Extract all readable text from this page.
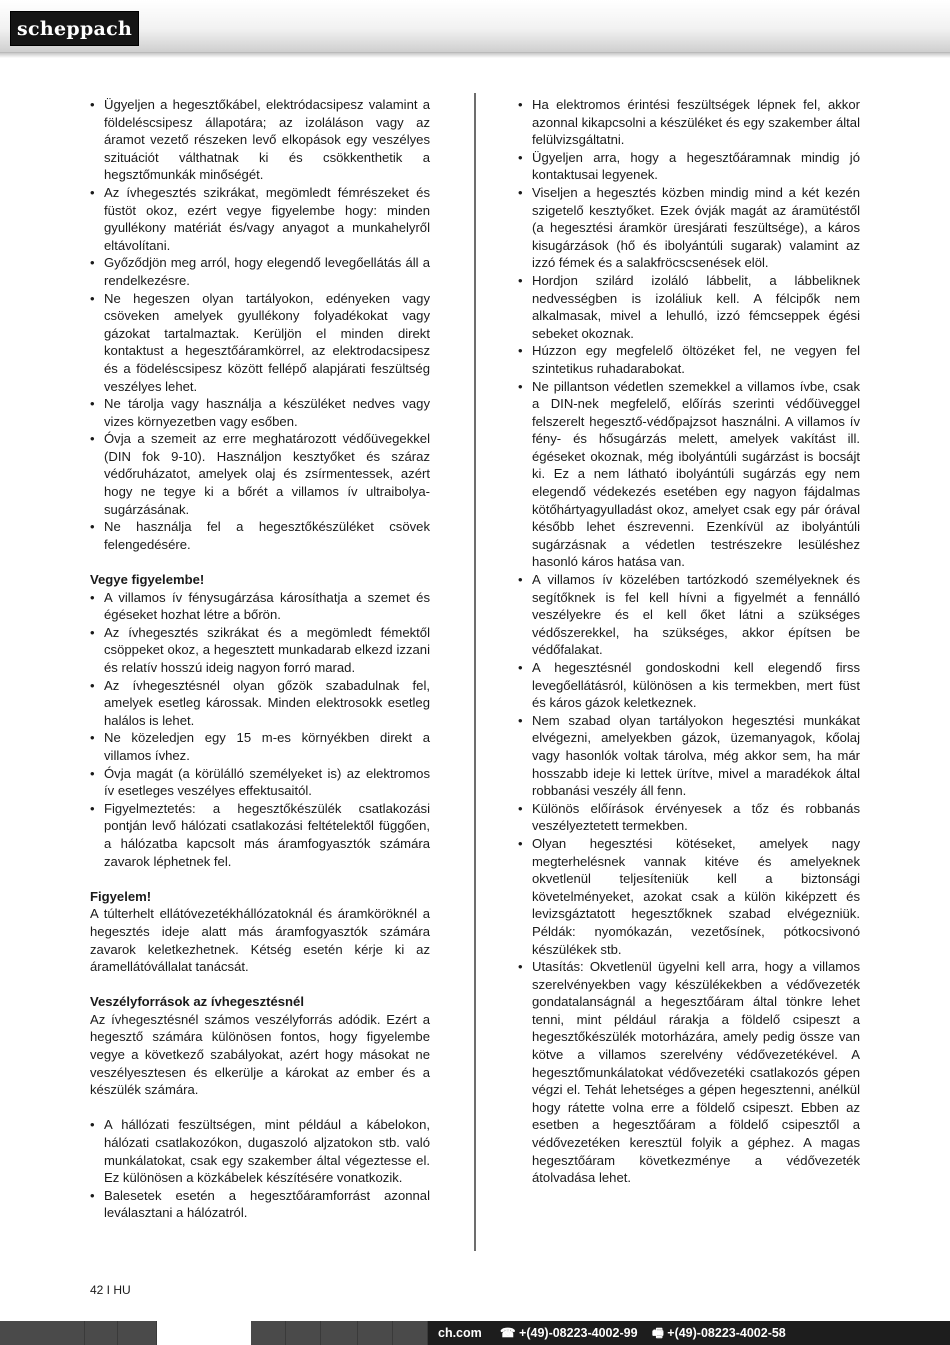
scheppach
• Ügyeljen a hegesztőkábel, elektródacsipesz valamint a földeléscsipesz állapotára; az izoláláson vagy az áramot vezető részeken levő elkopások egy veszélyes szituációt válthatnak ki és csökkenthetik a hegsztőmunkák minőségét.
• Az ívhegesztés szikrákat, megömledt fémrészeket és füstöt okoz, ezért vegye figyelembe hogy: minden gyullékony matériát és/vagy anyagot a munkahelyről eltávolítani.
• Győződjön meg arról, hogy elegendő levegőellátás áll a rendelkezésre.
• Ne hegeszen olyan tartályokon, edényeken vagy csöveken amelyek gyullékony folyadékokat vagy gázokat tartalmaztak. Kerüljön el minden direkt kontaktust a hegesztőáramkörrel, az elektrodacsipesz és a födeléscsipesz között fellépő alapjárati feszültség veszélyes lehet.
• Ne tárolja vagy használja a készüléket nedves vagy vizes környezetben vagy esőben.
• Óvja a szemeit az erre meghatározott védőüvegekkel (DIN fok 9-10). Használjon kesztyőket és száraz védőruházatot, amelyek olaj és zsírmentessek, azért hogy ne tegye ki a bőrét a villamos ív ultraibolya-sugárzásának.
• Ne használja fel a hegesztőkészüléket csövek felengedésére.

Vegye figyelembe!

• A villamos ív fénysugárzása károsíthatja a szemet és égéseket hozhat létre a bőrön.
• Az ívhegesztés szikrákat és a megömledt fémektől csöppeket okoz, a hegesztett munkadarab elkezd izzani és relatív hosszú ideig nagyon forró marad.
• Az ívhegesztésnél olyan gőzök szabadulnak fel, amelyek esetleg károssak. Minden elektrosokk esetleg halálos is lehet.
• Ne közeledjen egy 15 m-es környékben direkt a villamos ívhez.
• Óvja magát (a körülálló személyeket is) az elektromos ív esetleges veszélyes effektusaitól.
• Figyelmeztetés: a hegesztőkészülék csatlakozási pontján levő hálózati csatlakozási feltételektől függően, a hálózatba kapcsolt más áramfogyasztók számára zavarok léphetnek fel.

Figyelem!

A túlterhelt ellátóvezetékhállózatoknál és áramköröknél a hegesztés ideje alatt más áramfogyasztók számára zavarok keletkezhetnek. Kétség esetén kérje ki az áramellátóvállalat tanácsát.

Veszélyforrások az ívhegesztésnél

Az ívhegesztésnél számos veszélyforrás adódik. Ezért a hegesztő számára különösen fontos, hogy figyelembe vegye a következő szabályokat, azért hogy másokat ne veszélyesztesen és elkerülje a károkat az ember és a készülék számára.

• A hállózati feszültségen, mint például a kábelokon, hálózati csatlakozókon, dugaszoló aljzatokon stb. való munkálatokat, csak egy szakember által végeztesse el. Ez különösen a közkábelek készítésére vonatkozik.
• Balesetek esetén a hegesztőáramforrást azonnal leválasztani a hálózatról.
• Ha elektromos érintési feszültségek lépnek fel, akkor azonnal kikapcsolni a készüléket és egy szakember által felülvizsgáltatni.
• Ügyeljen arra, hogy a hegesztőáramnak mindig jó kontaktusai legyenek.
• Viseljen a hegesztés közben mindig mind a két kezén szigetelő kesztyőket. Ezek óvják magát az áramütéstől (a hegesztési áramkör üresjárati feszültsége), a káros kisugárzások (hő és ibolyántúli sugarak) valamint az izzó fémek és a salakfröcscsenések elöl.
• Hordjon szilárd izoláló lábbelit, a lábbeliknek nedvességben is izoláliuk kell. A félcipők nem alkalmasak, mivel a lehulló, izzó fémcseppek égési sebeket okoznak.
• Húzzon egy megfelelő öltözéket fel, ne vegyen fel szintetikus ruhadarabokat.
• Ne pillantson védetlen szemekkel a villamos ívbe, csak a DIN-nek megfelelő, előírás szerinti védőüveggel felszerelt hegesztő-védőpajzsot használni. A villamos ív fény- és hősugárzás melett, amelyek vakítást ill. égéseket okoznak, még ibolyántúli sugárzást is bocsájt ki. Ez a nem látható ibolyántúli sugárzás egy nem elegendő védekezés esetében egy nagyon fájdalmas kötőhártyagyulladást okoz, amelyet csak egy pár órával később lehet észrevenni. Ezenkívül az ibolyántúli sugárzásnak a védetlen testrészekre lesüléshez hasonló káros hatása van.
• A villamos ív közelében tartózkodó személyeknek és segítőknek is fel kell hívni a figyelmét a fennálló veszélyekre és el kell őket látni a szükséges védőszerekkel, ha szükséges, akkor építsen be védőfalakat.
• A hegesztésnél gondoskodni kell elegendő firss levegőellátásról, különösen a kis termekben, mert füst és káros gázok keletkeznek.
• Nem szabad olyan tartályokon hegesztési munkákat elvégezni, amelyekben gázok, üzemanyagok, kőolaj vagy hasonlók voltak tárolva, még akkor sem, ha már hosszabb ideje ki lettek ürítve, mivel a maradékok által robbanási veszély áll fenn.
• Különös előírások érvényesek a tőz és robbanás veszélyeztetett termekben.
• Olyan hegesztési kötéseket, amelyek nagy megterhelésnek vannak kitéve és amelyeknek okvetlenül teljesíteniük kell a biztonsági követelményeket, azokat csak a külön kiképzett és levizsgáztatott hegesztőknek szabad elvégezniük. Példák: nyomókazán, vezetősínek, pótkocsivonó készülékek stb.
• Utasítás: Okvetlenül ügyelni kell arra, hogy a villamos szerelvényekben vagy készülékekben a védővezeték gondatalanságnál a hegesztőáram által tönkre lehet tenni, mint például rárakja a földelő csipeszt a hegesztőkészülék motorházára, amely pedig össze van kötve a villamos szerelvény védővezetékével. A hegesztőmunkálatokat védővezetéki csatlakozós gépen végzi el. Tehát lehetséges a gépen hegesztenni, anélkül hogy rátette volna erre a földelő csipeszt. Ebben az esetben a hegesztőáram a földelő csipesztől a védővezetéken keresztül folyik a géphez. A magas hegesztőáram következménye a védővezeték átolvadása lehet.
42 I HU
ch.com ☎ +(49)-08223-4002-99 🖷 +(49)-08223-4002-58
